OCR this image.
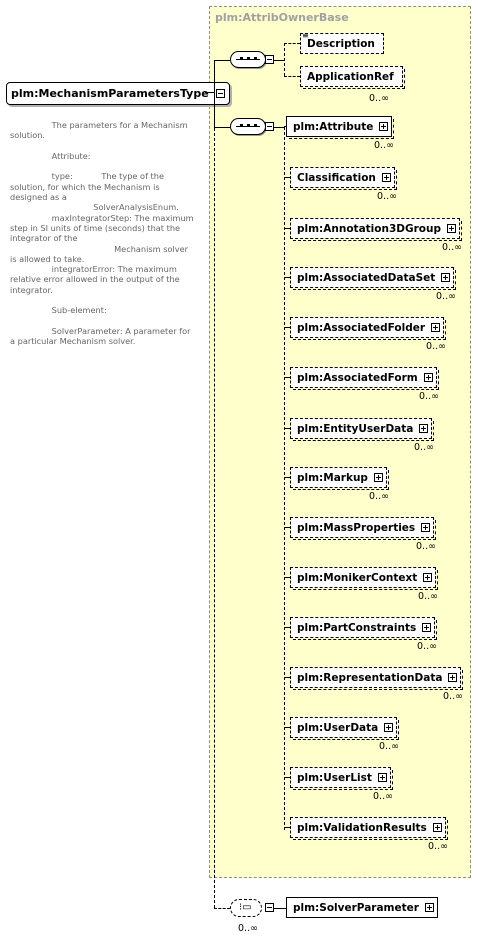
plm:AttribOwnerBase
plm:MechanismParametersType
The parameters for a Mechanism solution.

Attribute:

type:           The type of the solution, for which the Mechanism is designed as a
SolverAnalysisEnum.
maxIntegratorStep: The maximum step in SI units of time (seconds) that the integrator of the
Mechanism solver is allowed to take.
integratorError: The maximum relative error allowed in the output of the integrator.

Sub-element:

SolverParameter: A parameter for a particular Mechanism solver.
Description
≡
ApplicationRef
0..∞
plm:Attribute
0..∞
Classification
0..∞
plm:Annotation3DGroup
0..∞
plm:AssociatedDataSet
0..∞
plm:AssociatedFolder
0..∞
plm:AssociatedForm
0..∞
plm:EntityUserData
0..∞
plm:Markup
0..∞
plm:MassProperties
0..∞
plm:MonikerContext
0..∞
plm:PartConstraints
0..∞
plm:RepresentationData
0..∞
plm:UserData
0..∞
plm:UserList
0..∞
plm:ValidationResults
0..∞
⁝▭
0..∞
plm:SolverParameter
